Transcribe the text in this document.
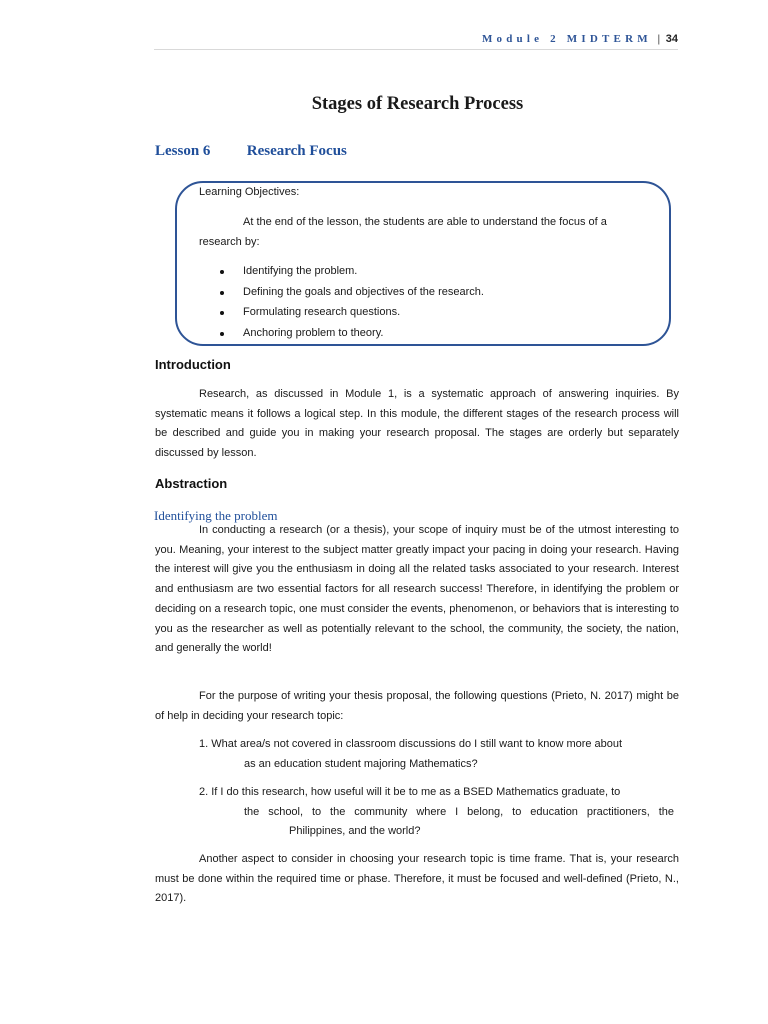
Module 2 MIDTERM | 34
Stages of Research Process
Lesson 6 Research Focus
Learning Objectives:
At the end of the lesson, the students are able to understand the focus of a
research by:
Identifying the problem.
Defining the goals and objectives of the research.
Formulating research questions.
Anchoring problem to theory.
Introduction
Research, as discussed in Module 1, is a systematic approach of answering inquiries. By systematic means it follows a logical step. In this module, the different stages of the research process will be described and guide you in making your research proposal. The stages are orderly but separately discussed by lesson.
Abstraction
Identifying the problem
In conducting a research (or a thesis), your scope of inquiry must be of the utmost interesting to you. Meaning, your interest to the subject matter greatly impact your pacing in doing your research. Having the interest will give you the enthusiasm in doing all the related tasks associated to your research. Interest and enthusiasm are two essential factors for all research success! Therefore, in identifying the problem or deciding on a research topic, one must consider the events, phenomenon, or behaviors that is interesting to you as the researcher as well as potentially relevant to the school, the community, the society, the nation, and generally the world!
For the purpose of writing your thesis proposal, the following questions (Prieto, N. 2017) might be of help in deciding your research topic:
1. What area/s not covered in classroom discussions do I still want to know more about
as an education student majoring Mathematics?
2. If I do this research, how useful will it be to me as a BSED Mathematics graduate, to
the school, to the community where I belong, to education practitioners, the
Philippines, and the world?
Another aspect to consider in choosing your research topic is time frame. That is, your research must be done within the required time or phase. Therefore, it must be focused and well-defined (Prieto, N., 2017).
